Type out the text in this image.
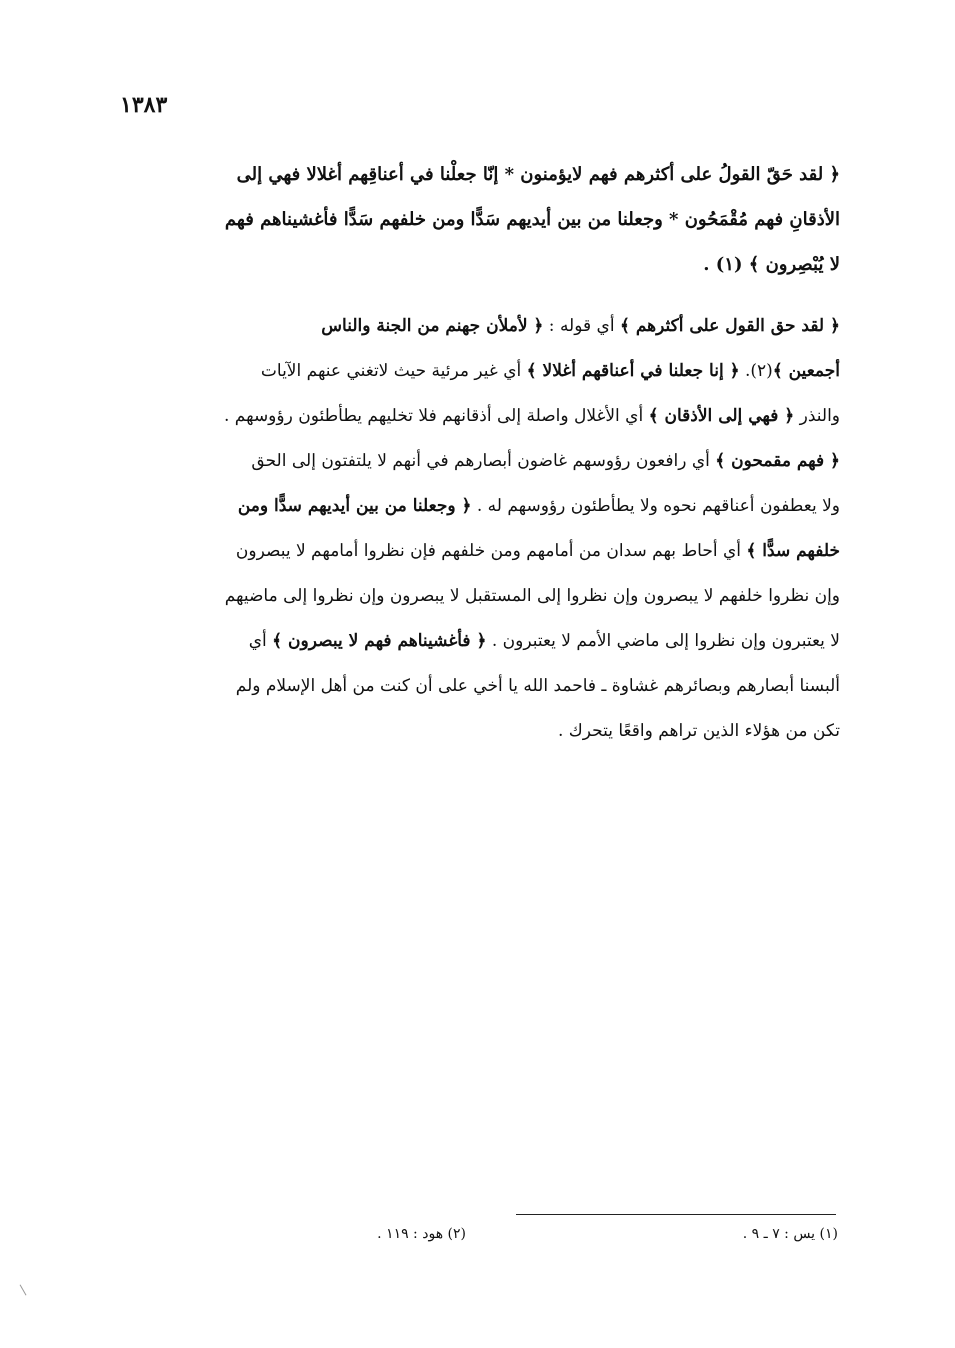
١٣٨٣
﴿ لقد حَقّ القولُ على أكثرهم فهم لايؤمنون * إنّا جعلْنا في أعناقِهم أغلالا فهي إلى
الأذقانِ فهم مُقْمَحُون * وجعلنا من بين أيديهم سَدًّا ومن خلفهم سَدًّا فأغشيناهم فهم
لا يُبْصِرون ﴾ (١) .
﴿ لقد حق القول على أكثرهم ﴾ أي قوله : ﴿ لأملأن جهنم من الجنة والناس
أجمعين ﴾(٢). ﴿ إنا جعلنا في أعناقهم أغلالا ﴾ أي غير مرئية حيث لاتغني عنهم الآيات
والنذر ﴿ فهي إلى الأذقان ﴾ أي الأغلال واصلة إلى أذقانهم فلا تخليهم يطأطئون رؤوسهم .
﴿ فهم مقمحون ﴾ أي رافعون رؤوسهم غاضون أبصارهم في أنهم لا يلتفتون إلى الحق
ولا يعطفون أعناقهم نحوه ولا يطأطئون رؤوسهم له . ﴿ وجعلنا من بين أيديهم سدًّا ومن
خلفهم سدًّا ﴾ أي أحاط بهم سدان من أمامهم ومن خلفهم فإن نظروا أمامهم لا يبصرون
وإن نظروا خلفهم لا يبصرون وإن نظروا إلى المستقبل لا يبصرون وإن نظروا إلى ماضيهم
لا يعتبرون وإن نظروا إلى ماضي الأمم لا يعتبرون . ﴿ فأغشيناهم فهم لا يبصرون ﴾ أي
ألبسنا أبصارهم وبصائرهم غشاوة ـ فاحمد الله يا أخي على أن كنت من أهل الإسلام ولم
تكن من هؤلاء الذين تراهم واقعًا يتحرك .
(١) يس : ٧ ـ ٩ .
(٢) هود : ١١٩ .
